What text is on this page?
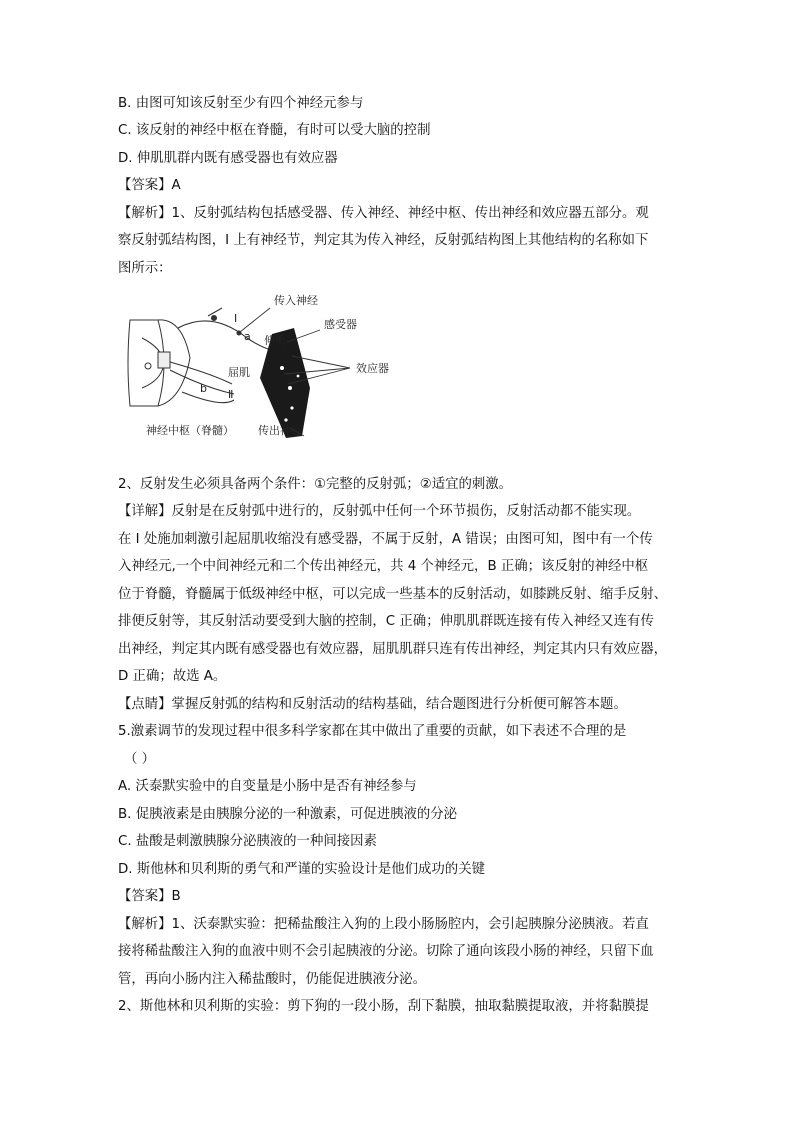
B. 由图可知该反射至少有四个神经元参与
C. 该反射的神经中枢在脊髓，有时可以受大脑的控制
D. 伸肌肌群内既有感受器也有效应器
【答案】A
【解析】1、反射弧结构包括感受器、传入神经、神经中枢、传出神经和效应器五部分。观
察反射弧结构图，I 上有神经节，判定其为传入神经，反射弧结构图上其他结构的名称如下
图所示：
传入神经
感受器
伸肌
效应器
屈肌
神经中枢（脊髓） 传出神经
Ⅰ
Ⅱ
a
b
2、反射发生必须具备两个条件：①完整的反射弧；②适宜的刺激。
【详解】反射是在反射弧中进行的，反射弧中任何一个环节损伤，反射活动都不能实现。
在 I 处施加刺激引起屈肌收缩没有感受器，不属于反射，A 错误；由图可知，图中有一个传
入神经元,一个中间神经元和二个传出神经元，共 4 个神经元，B 正确；该反射的神经中枢
位于脊髓，脊髓属于低级神经中枢，可以完成一些基本的反射活动，如膝跳反射、缩手反射、
排便反射等，其反射活动要受到大脑的控制，C 正确；伸肌肌群既连接有传入神经又连有传
出神经，判定其内既有感受器也有效应器，屈肌肌群只连有传出神经，判定其内只有效应器，
D 正确；故选 A。
【点睛】掌握反射弧的结构和反射活动的结构基础，结合题图进行分析便可解答本题。
5.激素调节的发现过程中很多科学家都在其中做出了重要的贡献，如下表述不合理的是
（ ）
A. 沃泰默实验中的自变量是小肠中是否有神经参与
B. 促胰液素是由胰腺分泌的一种激素，可促进胰液的分泌
C. 盐酸是刺激胰腺分泌胰液的一种间接因素
D. 斯他林和贝利斯的勇气和严谨的实验设计是他们成功的关键
【答案】B
【解析】1、沃泰默实验：把稀盐酸注入狗的上段小肠肠腔内，会引起胰腺分泌胰液。若直
接将稀盐酸注入狗的血液中则不会引起胰液的分泌。切除了通向该段小肠的神经，只留下血
管，再向小肠内注入稀盐酸时，仍能促进胰液分泌。
2、斯他林和贝利斯的实验：剪下狗的一段小肠，刮下黏膜，抽取黏膜提取液，并将黏膜提
